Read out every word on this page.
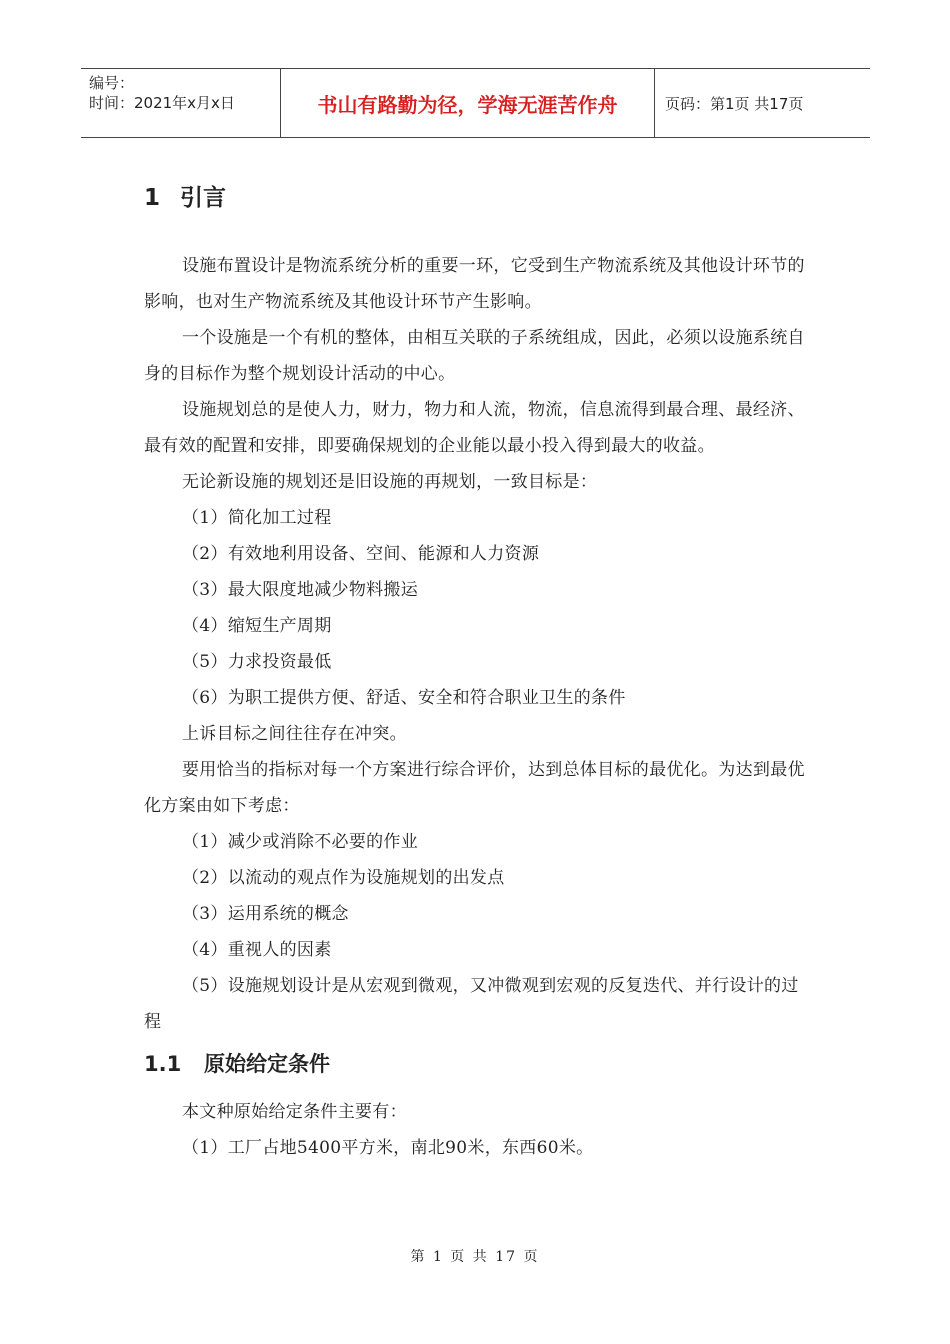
编号：
时间：2021年x月x日	书山有路勤为径，学海无涯苦作舟	页码：第1页 共17页
1 引言

设施布置设计是物流系统分析的重要一环，它受到生产物流系统及其他设计环节的影响，也对生产物流系统及其他设计环节产生影响。

一个设施是一个有机的整体，由相互关联的子系统组成，因此，必须以设施系统自身的目标作为整个规划设计活动的中心。

设施规划总的是使人力，财力，物力和人流，物流，信息流得到最合理、最经济、最有效的配置和安排，即要确保规划的企业能以最小投入得到最大的收益。

无论新设施的规划还是旧设施的再规划，一致目标是：

（1）简化加工过程

（2）有效地利用设备、空间、能源和人力资源

（3）最大限度地减少物料搬运

（4）缩短生产周期

（5）力求投资最低

（6）为职工提供方便、舒适、安全和符合职业卫生的条件

上诉目标之间往往存在冲突。

要用恰当的指标对每一个方案进行综合评价，达到总体目标的最优化。为达到最优化方案由如下考虑：

（1）减少或消除不必要的作业

（2）以流动的观点作为设施规划的出发点

（3）运用系统的概念

（4）重视人的因素

（5）设施规划设计是从宏观到微观，又冲微观到宏观的反复迭代、并行设计的过程

1.1 原始给定条件

本文种原始给定条件主要有：

（1）工厂占地5400平方米，南北90米，东西60米。

第 1 页 共 17 页
